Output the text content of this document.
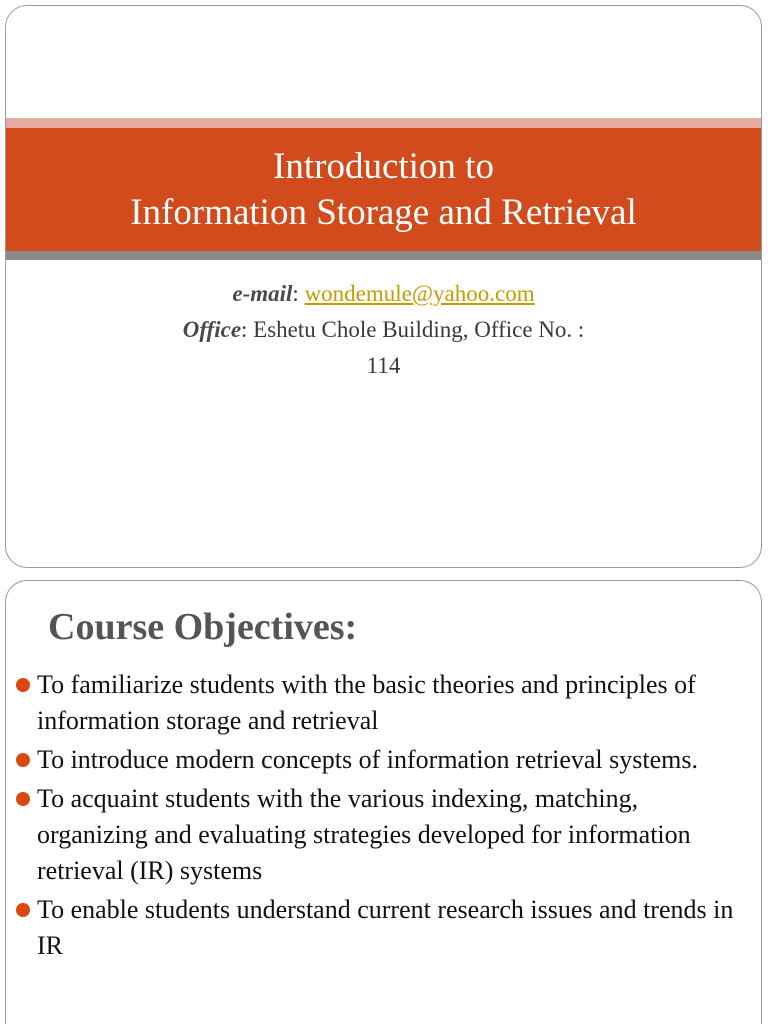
Introduction to
Information Storage and Retrieval
e-mail: wondemule@yahoo.com
Office: Eshetu Chole Building, Office No. :
114
Course Objectives:
To familiarize students with the basic theories and principles of information storage and retrieval
To introduce modern concepts of information retrieval systems.
To acquaint students with the various indexing, matching, organizing and evaluating strategies developed for information retrieval (IR) systems
To enable students understand current research issues and trends in IR
